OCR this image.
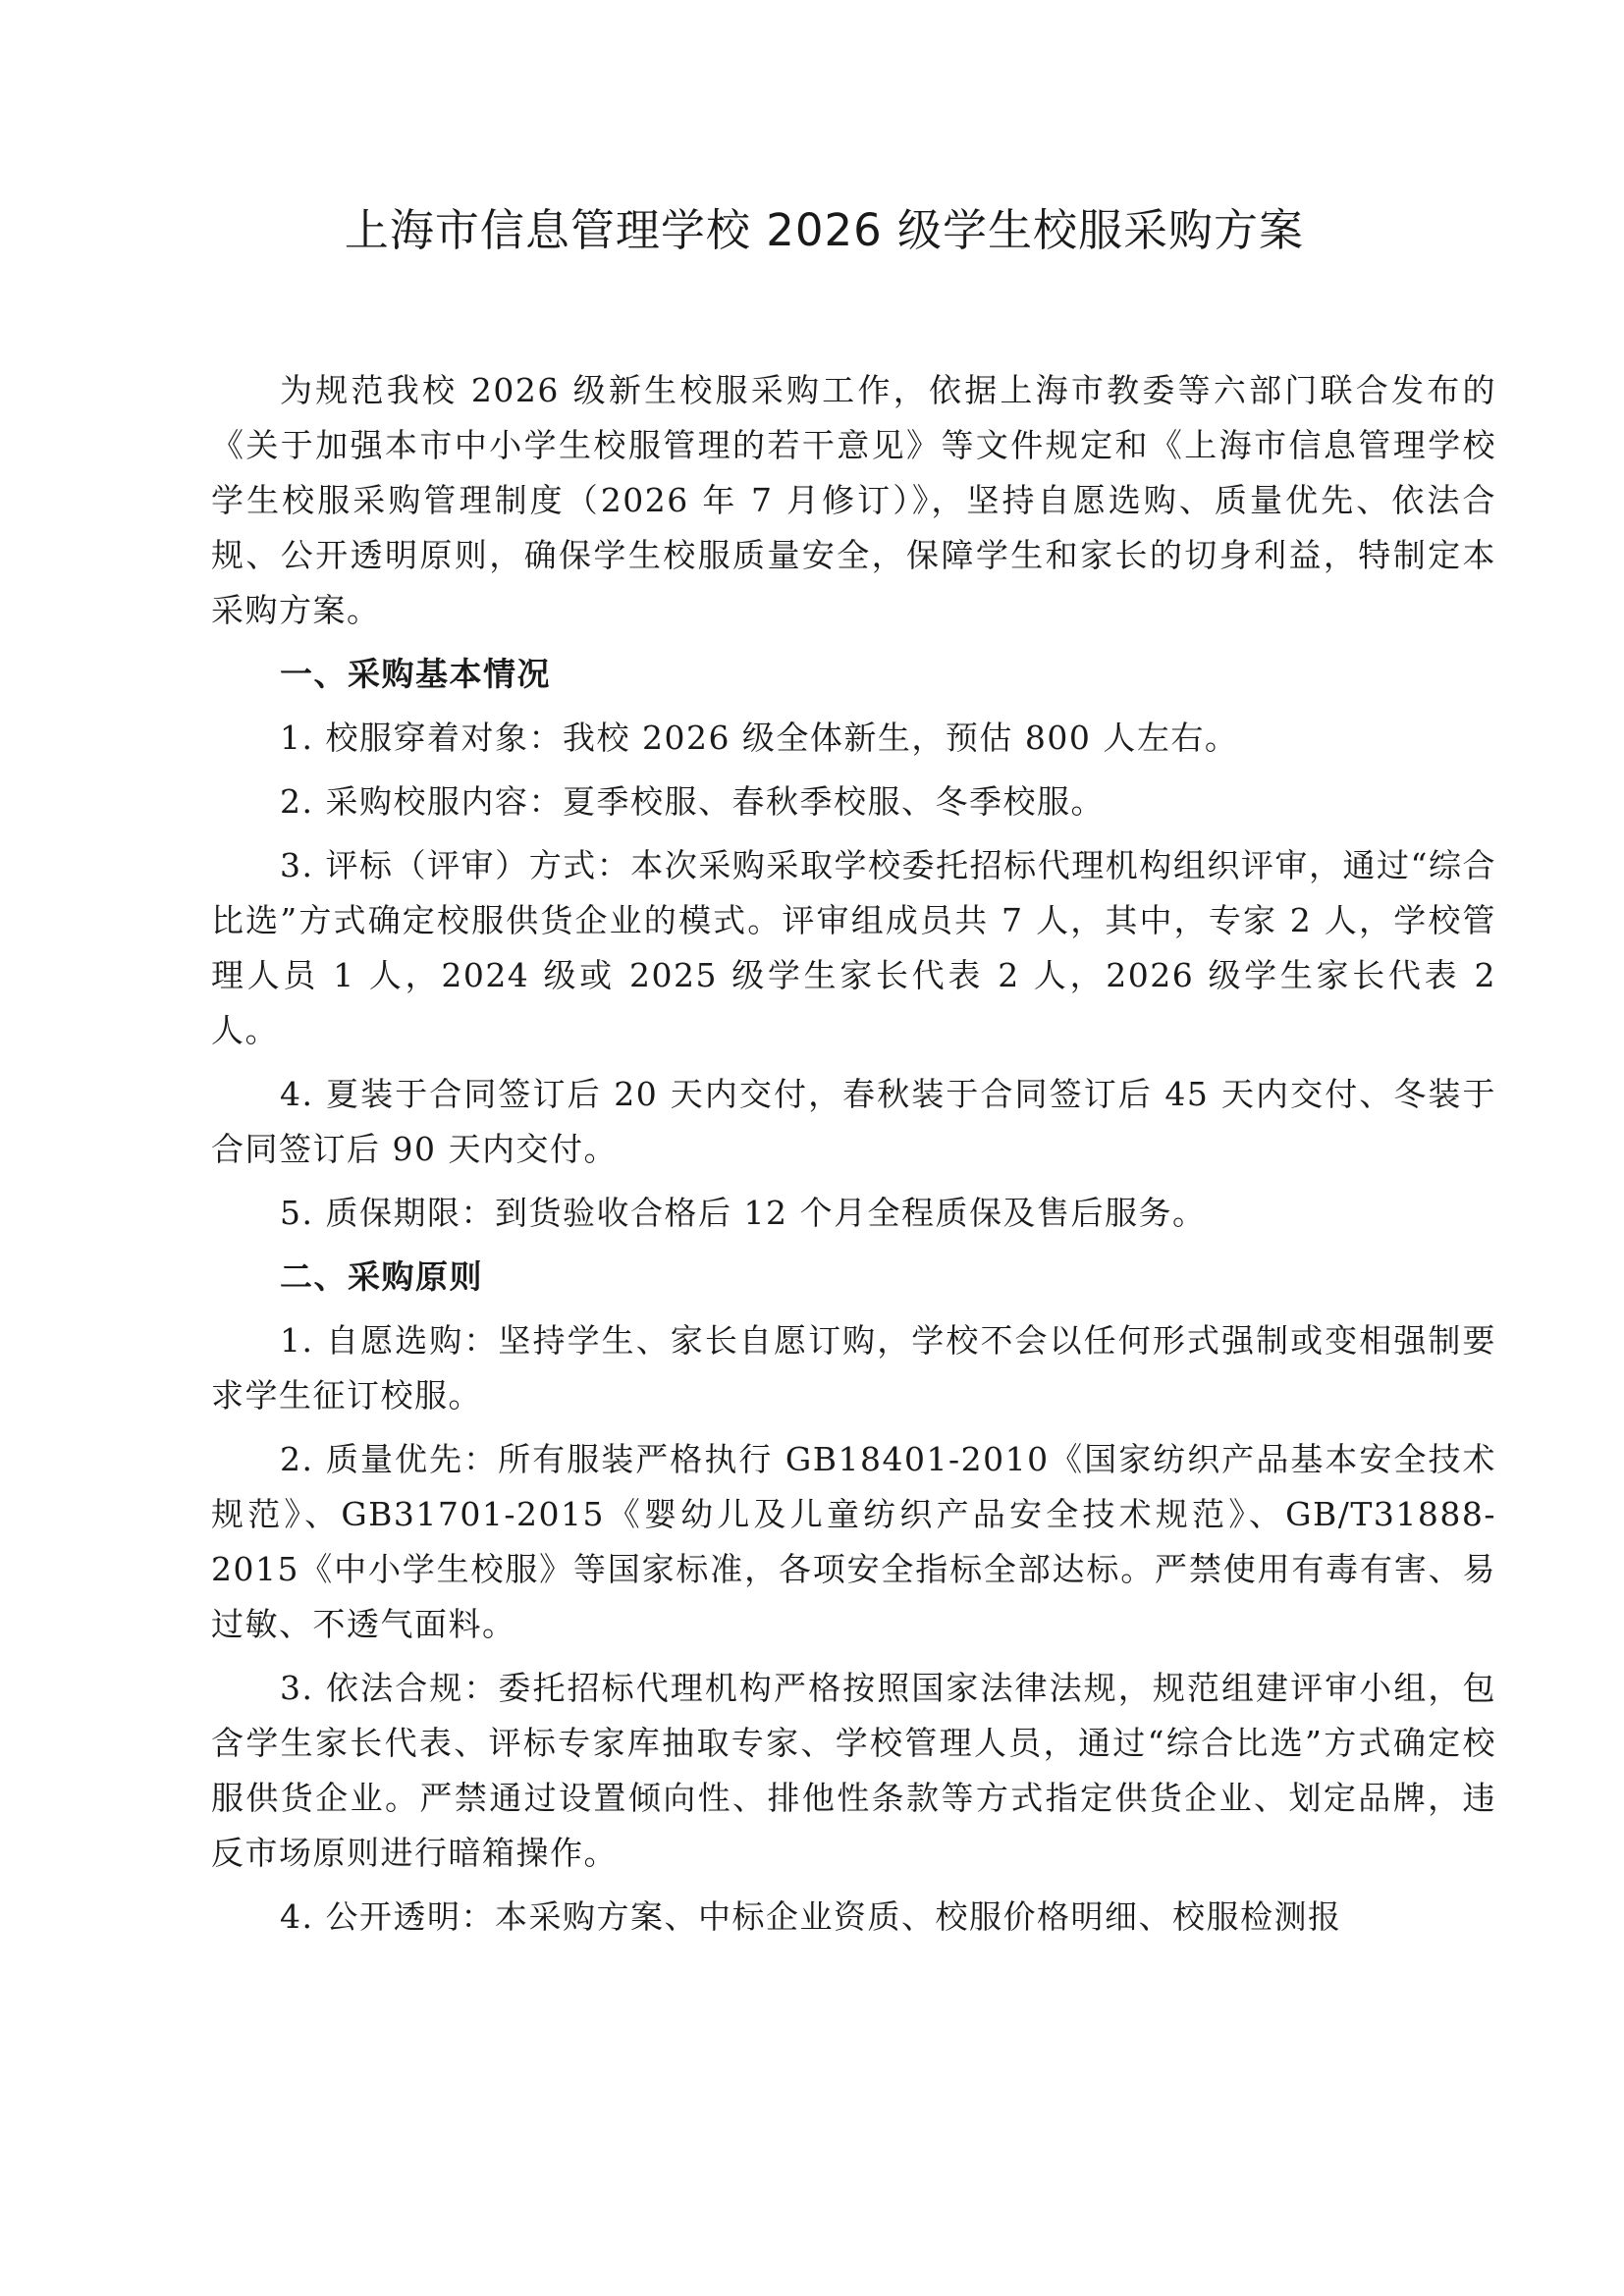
上海市信息管理学校 2026 级学生校服采购方案

为规范我校 2026 级新生校服采购工作，依据上海市教委等六部门联合发布的《关于加强本市中小学生校服管理的若干意见》等文件规定和《上海市信息管理学校学生校服采购管理制度（2026 年 7 月修订）》，坚持自愿选购、质量优先、依法合规、公开透明原则，确保学生校服质量安全，保障学生和家长的切身利益，特制定本采购方案。

一、采购基本情况

1. 校服穿着对象：我校 2026 级全体新生，预估 800 人左右。

2. 采购校服内容：夏季校服、春秋季校服、冬季校服。

3. 评标（评审）方式：本次采购采取学校委托招标代理机构组织评审，通过“综合比选”方式确定校服供货企业的模式。评审组成员共 7 人，其中，专家 2 人，学校管理人员 1 人，2024 级或 2025 级学生家长代表 2 人，2026 级学生家长代表 2 人。

4. 夏装于合同签订后 20 天内交付，春秋装于合同签订后 45 天内交付、冬装于合同签订后 90 天内交付。

5. 质保期限：到货验收合格后 12 个月全程质保及售后服务。

二、采购原则

1. 自愿选购：坚持学生、家长自愿订购，学校不会以任何形式强制或变相强制要求学生征订校服。

2. 质量优先：所有服装严格执行 GB18401-2010《国家纺织产品基本安全技术规范》、GB31701-2015《婴幼儿及儿童纺织产品安全技术规范》、GB/T31888-2015《中小学生校服》等国家标准，各项安全指标全部达标。严禁使用有毒有害、易过敏、不透气面料。

3. 依法合规：委托招标代理机构严格按照国家法律法规，规范组建评审小组，包含学生家长代表、评标专家库抽取专家、学校管理人员，通过“综合比选”方式确定校服供货企业。严禁通过设置倾向性、排他性条款等方式指定供货企业、划定品牌，违反市场原则进行暗箱操作。

4. 公开透明：本采购方案、中标企业资质、校服价格明细、校服检测报
